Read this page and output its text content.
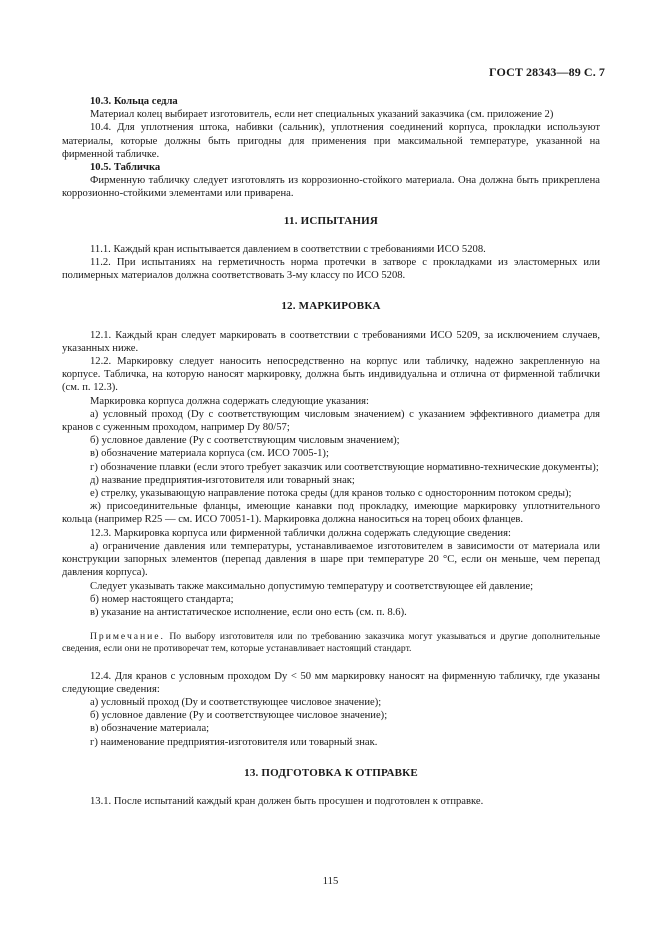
ГОСТ 28343—89 С. 7

10.3. Кольца седла

Материал колец выбирает изготовитель, если нет специальных указаний заказчика (см. приложение 2)

10.4. Для уплотнения штока, набивки (сальник), уплотнения соединений корпуса, прокладки используют материалы, которые должны быть пригодны для применения при максимальной температуре, указанной на фирменной табличке.

10.5. Табличка

Фирменную табличку следует изготовлять из коррозионно-стойкого материала. Она должна быть прикреплена коррозионно-стойкими элементами или приварена.

11. ИСПЫТАНИЯ

11.1. Каждый кран испытывается давлением в соответствии с требованиями ИСО 5208.

11.2. При испытаниях на герметичность норма протечки в затворе с прокладками из эластомерных или полимерных материалов должна соответствовать 3-му классу по ИСО 5208.

12. МАРКИРОВКА

12.1. Каждый кран следует маркировать в соответствии с требованиями ИСО 5209, за исключением случаев, указанных ниже.

12.2. Маркировку следует наносить непосредственно на корпус или табличку, надежно закрепленную на корпусе. Табличка, на которую наносят маркировку, должна быть индивидуальна и отлична от фирменной таблички (см. п. 12.3).

Маркировка корпуса должна содержать следующие указания:

а) условный проход (Dy с соответствующим числовым значением) с указанием эффективного диаметра для кранов с суженным проходом, например Dy 80/57;

б) условное давление (Py с соответствующим числовым значением);

в) обозначение материала корпуса (см. ИСО 7005-1);

г) обозначение плавки (если этого требует заказчик или соответствующие нормативно-технические документы);

д) название предприятия-изготовителя или товарный знак;

е) стрелку, указывающую направление потока среды (для кранов только с односторонним потоком среды);

ж) присоединительные фланцы, имеющие канавки под прокладку, имеющие маркировку уплотнительного кольца (например R25 — см. ИСО 70051-1). Маркировка должна наноситься на торец обоих фланцев.

12.3. Маркировка корпуса или фирменной таблички должна содержать следующие сведения:

а) ограничение давления или температуры, устанавливаемое изготовителем в зависимости от материала или конструкции запорных элементов (перепад давления в шаре при температуре 20 °С, если он меньше, чем перепад давления корпуса).

Следует указывать также максимально допустимую температуру и соответствующее ей давление;

б) номер настоящего стандарта;

в) указание на антистатическое исполнение, если оно есть (см. п. 8.6).

Примечание. По выбору изготовителя или по требованию заказчика могут указываться и другие дополнительные сведения, если они не противоречат тем, которые устанавливает настоящий стандарт.

12.4. Для кранов с условным проходом Dy < 50 мм маркировку наносят на фирменную табличку, где указаны следующие сведения:

а) условный проход (Dy и соответствующее числовое значение);

б) условное давление (Py и соответствующее числовое значение);

в) обозначение материала;

г) наименование предприятия-изготовителя или товарный знак.

13. ПОДГОТОВКА К ОТПРАВКЕ

13.1. После испытаний каждый кран должен быть просушен и подготовлен к отправке.

115
